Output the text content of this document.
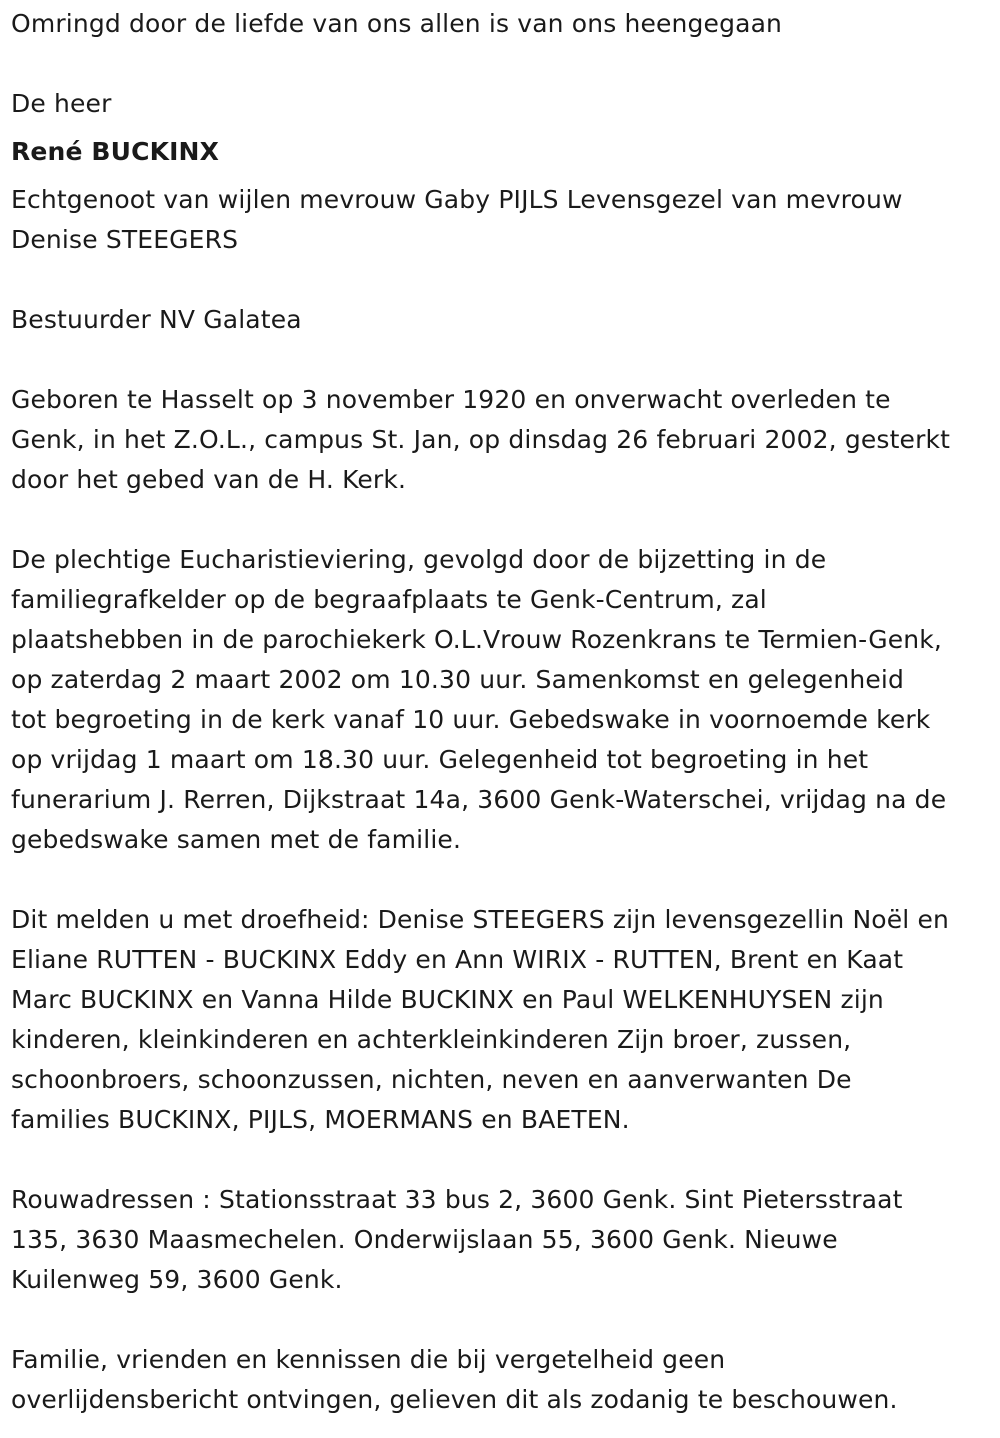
Omringd door de liefde van ons allen is van ons heengegaan

De heer

René BUCKINX

Echtgenoot van wijlen mevrouw Gaby PIJLS Levensgezel van mevrouw

Denise STEEGERS

Bestuurder NV Galatea

Geboren te Hasselt op 3 november 1920 en onverwacht overleden te

Genk, in het Z.O.L., campus St. Jan, op dinsdag 26 februari 2002, gesterkt

door het gebed van de H. Kerk.

De plechtige Eucharistieviering, gevolgd door de bijzetting in de

familiegrafkelder op de begraafplaats te Genk-Centrum, zal

plaatshebben in de parochiekerk O.L.Vrouw Rozenkrans te Termien-Genk,

op zaterdag 2 maart 2002 om 10.30 uur. Samenkomst en gelegenheid

tot begroeting in de kerk vanaf 10 uur. Gebedswake in voornoemde kerk

op vrijdag 1 maart om 18.30 uur. Gelegenheid tot begroeting in het

funerarium J. Rerren, Dijkstraat 14a, 3600 Genk-Waterschei, vrijdag na de

gebedswake samen met de familie.

Dit melden u met droefheid: Denise STEEGERS zijn levensgezellin Noël en

Eliane RUTTEN - BUCKINX Eddy en Ann WIRIX - RUTTEN, Brent en Kaat

Marc BUCKINX en Vanna Hilde BUCKINX en Paul WELKENHUYSEN zijn

kinderen, kleinkinderen en achterkleinkinderen Zijn broer, zussen,

schoonbroers, schoonzussen, nichten, neven en aanverwanten De

families BUCKINX, PIJLS, MOERMANS en BAETEN.

Rouwadressen : Stationsstraat 33 bus 2, 3600 Genk. Sint Pietersstraat

135, 3630 Maasmechelen. Onderwijslaan 55, 3600 Genk. Nieuwe

Kuilenweg 59, 3600 Genk.

Familie, vrienden en kennissen die bij vergetelheid geen

overlijdensbericht ontvingen, gelieven dit als zodanig te beschouwen.
